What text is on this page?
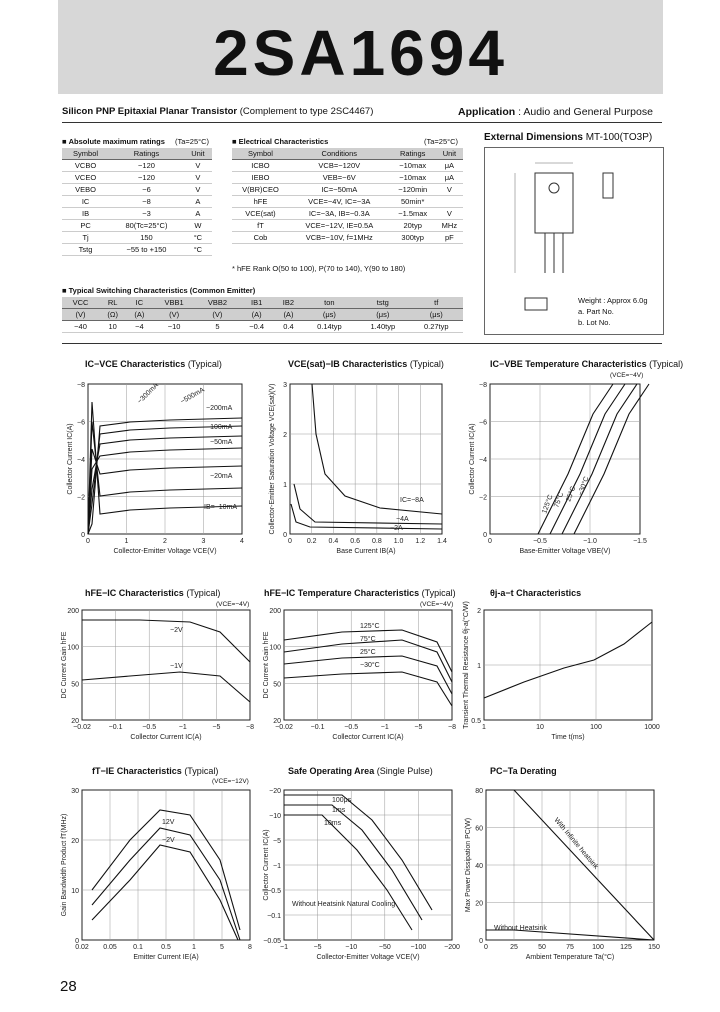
2SA1694
Silicon PNP Epitaxial Planar Transistor (Complement to type 2SC4467)	Application : Audio and General Purpose
■ Absolute maximum ratings (Ta=25°C)
Symbol	Ratings	Unit
VCBO	−120	V
VCEO	−120	V
VEBO	−6	V
IC	−8	A
IB	−3	A
PC	80(Tc=25°C)	W
Tj	150	°C
Tstg	−55 to +150	°C
■ Electrical Characteristics	(Ta=25°C)
Symbol	Conditions	Ratings	Unit
ICBO	VCB=−120V	−10max	μA
IEBO	VEB=−6V	−10max	μA
V(BR)CEO	IC=−50mA	−120min	V
hFE	VCE=−4V, IC=−3A	50min*	
VCE(sat)	IC=−3A, IB=−0.3A	−1.5max	V
fT	VCE=−12V, IE=0.5A	20typ	MHz
Cob	VCB=−10V, f=1MHz	300typ	pF
* hFE Rank O(50 to 100), P(70 to 140), Y(90 to 180)
■ Typical Switching Characteristics (Common Emitter)
VCC	RL	IC	VBB1	VBB2	IB1	IB2	ton	tstg	tf
(V)	(Ω)	(A)	(V)	(V)	(A)	(A)	(μs)	(μs)	(μs)
−40	10	−4	−10	5	−0.4	0.4	0.14typ	1.40typ	0.27typ
External Dimensions MT-100(TO3P)
Weight : Approx 6.0g
a. Part No.
b. Lot No.
IC−VCE Characteristics (Typical)	VCE(sat)−IB Characteristics (Typical)	IC−VBE Temperature Characteristics (Typical)
hFE−IC Characteristics (Typical)	hFE−IC Temperature Characteristics (Typical)	θj-a−t Characteristics
fT−IE Characteristics (Typical)	Safe Operating Area (Single Pulse)	PC−Ta Derating
(VCE=−4V)
(VCE=−4V)	(VCE=−4V)
(VCE=−12V)
0	1	2	3	4
−8
−6
−4
−2
0
Collector-Emitter Voltage VCE(V)
Collector Current IC(A)
−500mA
−300mA
−200mA
−100mA
−50mA
−20mA
IB=−10mA
0 0.2 0.4 0.6 0.8 1.0 1.2 1.4
3
2
1
0
Base Current IB(A)
Collector-Emitter Saturation Voltage VCE(sat)(V)	IC=−8A
−4A
−2A
0	−0.5	−1.0	−1.5
−8
−6
−4
−2
0
Base-Emitter Voltage VBE(V)
Collector Current IC(A)
125°C
75°C 25°C −30°C
−0.02	−0.1	−0.5	−1	−5	−8
200
100
50
20
Collector Current IC(A)
DC Current Gain hFE
−2V
−1V
−0.02	−0.1	−0.5	−1	−5	−8
200
100
50
20
Collector Current IC(A)
DC Current Gain hFE
125°C
75°C
25°C
−30°C
1	10	100	1000
2
1
0.5
Time t(ms)
Transient Thermal Resistance θj-a(°C/W)
0.02 0.05 0.1	0.5	1	5	8
30
20
10
0
Emitter Current IE(A)
Gain Bandwidth Product fT(MHz)	12V
−2V
−1	−5	−10	−50	−100	−200
−20
−10
−5
−1
−0.5
−0.1
−0.05
Collector-Emitter Voltage VCE(V)
Collector Current IC(A)
100μs
1ms
10ms
Without Heatsink Natural Cooling
0	25	50	75	100 125 150
80
60
40
20
0
Ambient Temperature Ta(°C)
Max Power Dissipation PC(W)	With Infinite heatsink
Without Heatsink
28
